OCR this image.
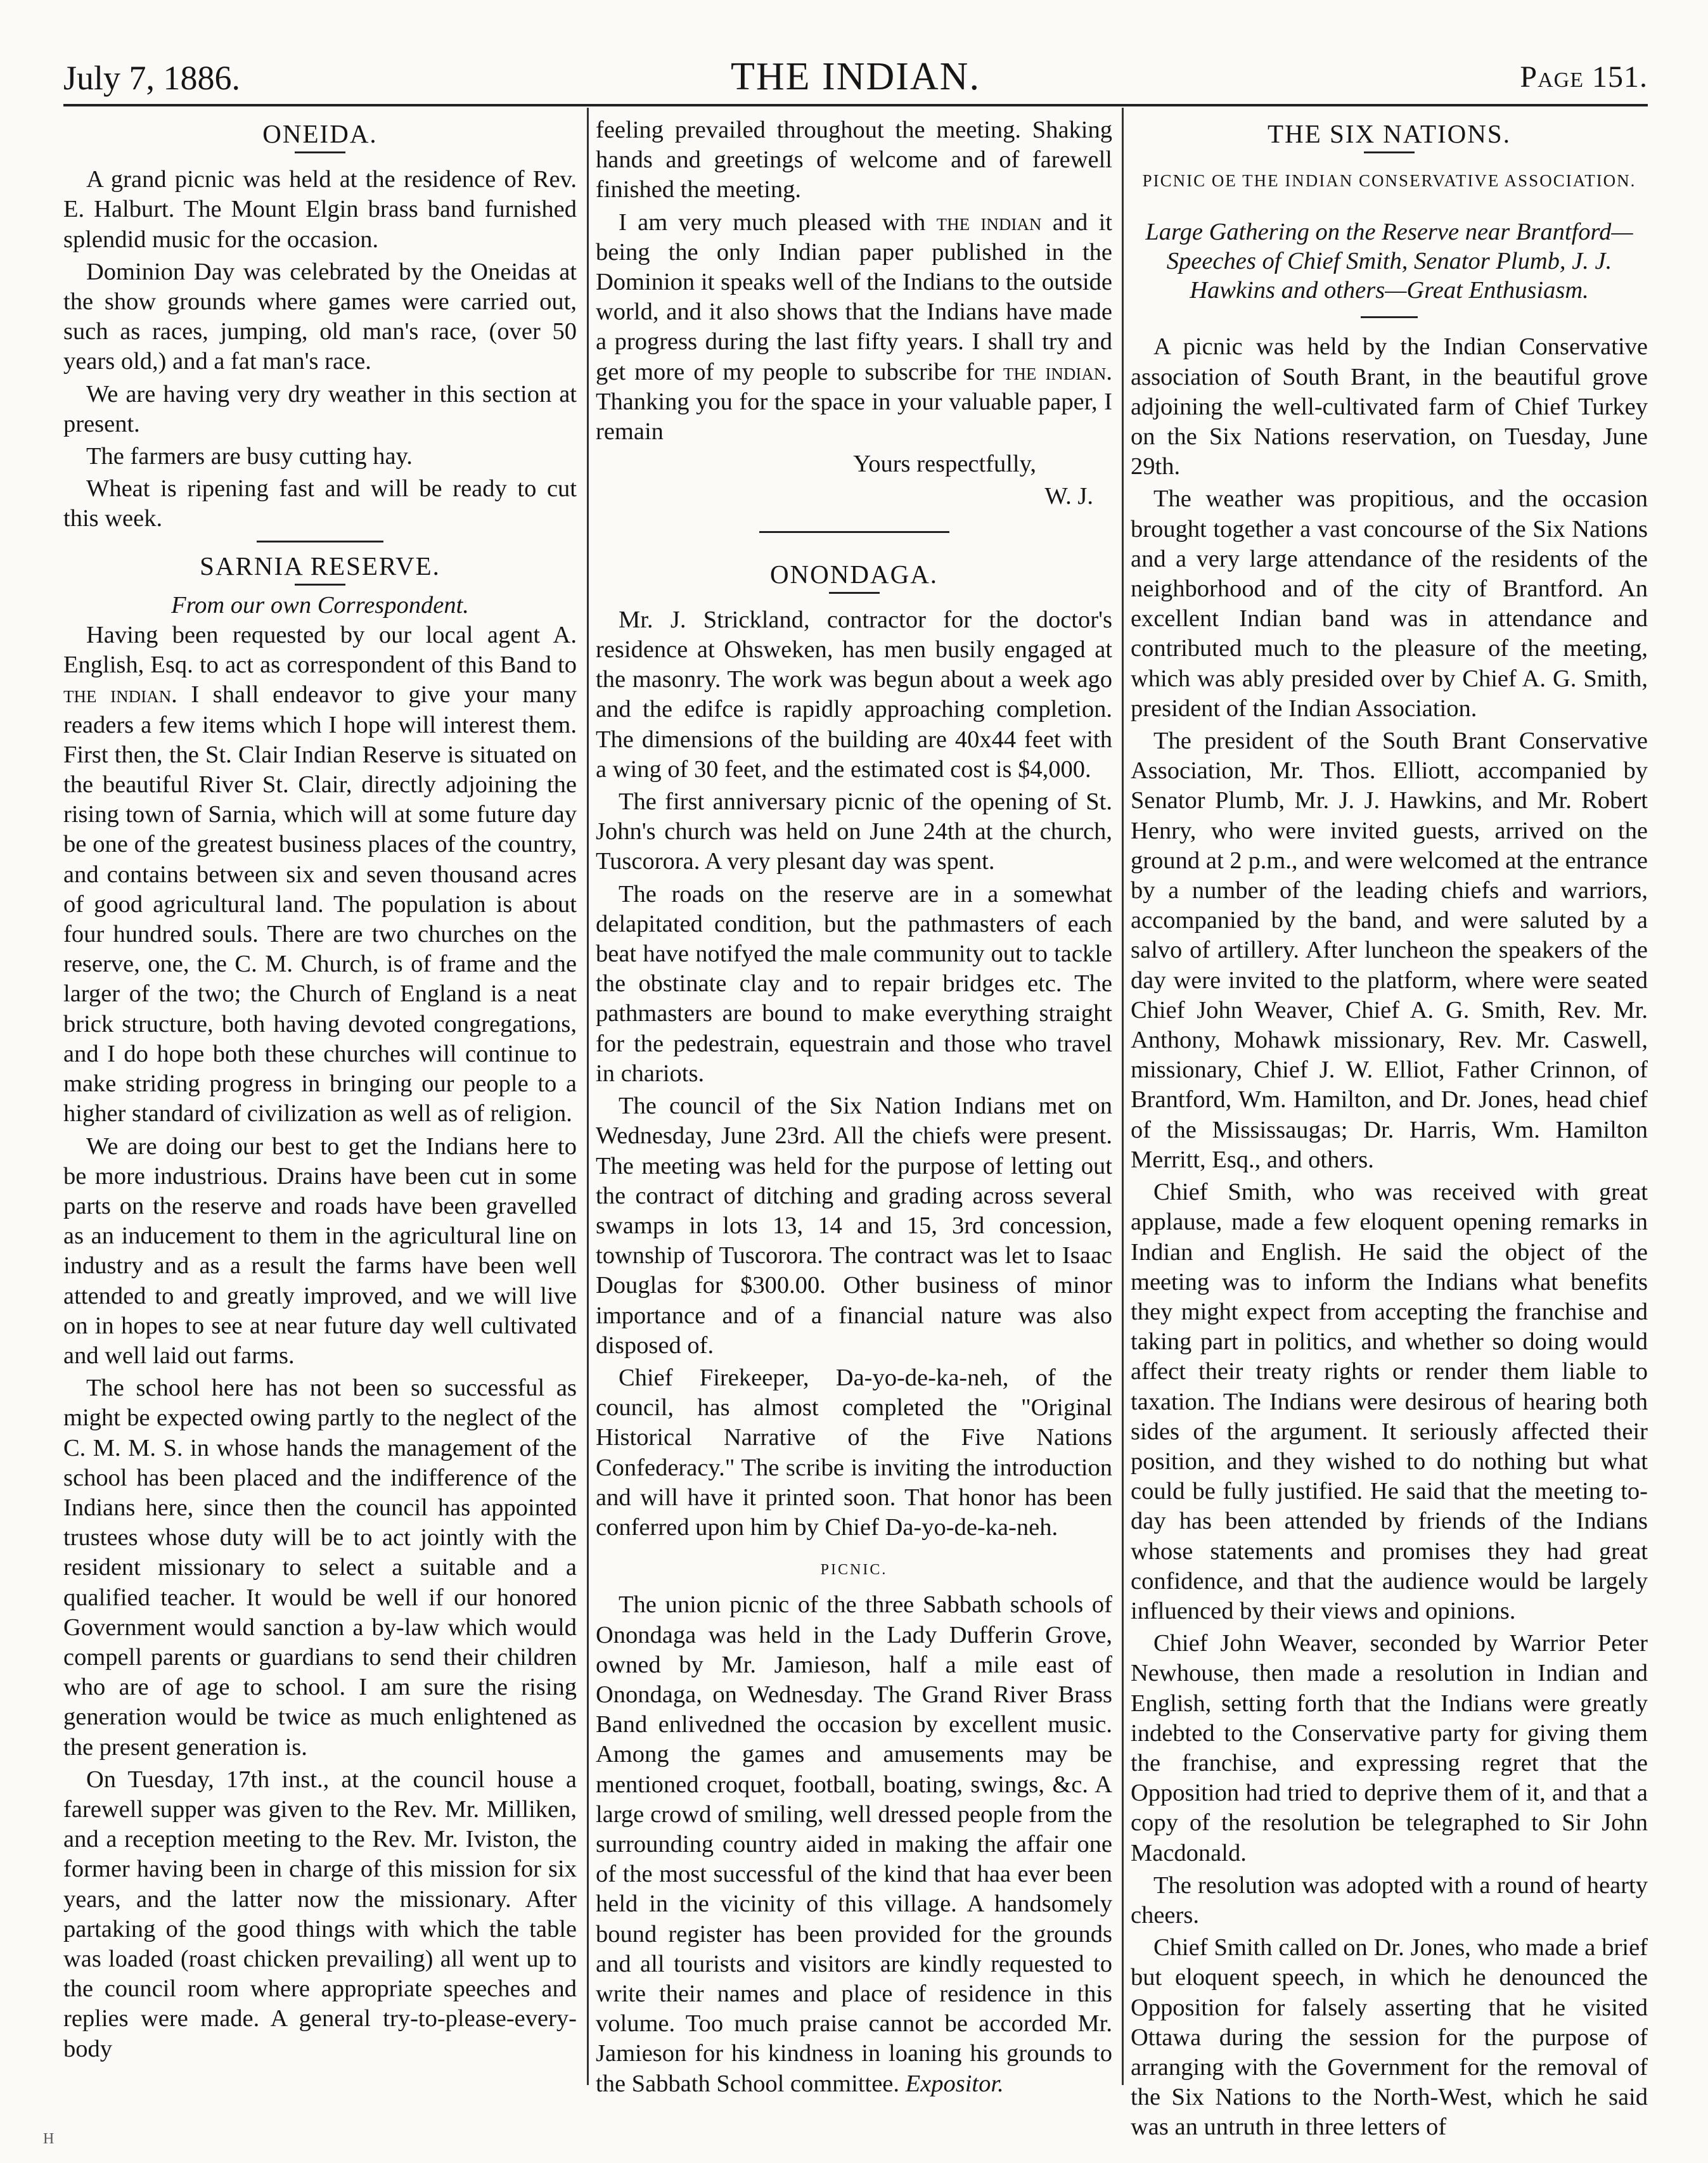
July 7, 1886.	THE INDIAN.	Page 151.
ONEIDA.

A grand picnic was held at the residence of Rev. E. Halburt. The Mount Elgin brass band furnished splendid music for the occasion.

Dominion Day was celebrated by the Oneidas at the show grounds where games were carried out, such as races, jumping, old man's race, (over 50 years old,) and a fat man's race.

We are having very dry weather in this section at present.

The farmers are busy cutting hay.

Wheat is ripening fast and will be ready to cut this week.

SARNIA RESERVE.
From our own Correspondent.

Having been requested by our local agent A. English, Esq. to act as correspondent of this Band to the indian. I shall endeavor to give your many readers a few items which I hope will interest them. First then, the St. Clair Indian Reserve is situated on the beautiful River St. Clair, directly adjoining the rising town of Sarnia, which will at some future day be one of the greatest business places of the country, and contains between six and seven thousand acres of good agricultural land. The population is about four hundred souls. There are two churches on the reserve, one, the C. M. Church, is of frame and the larger of the two; the Church of England is a neat brick structure, both having devoted congregations, and I do hope both these churches will continue to make striding progress in bringing our people to a higher standard of civilization as well as of religion.

We are doing our best to get the Indians here to be more industrious. Drains have been cut in some parts on the reserve and roads have been gravelled as an inducement to them in the agricultural line on industry and as a result the farms have been well attended to and greatly improved, and we will live on in hopes to see at near future day well cultivated and well laid out farms.

The school here has not been so successful as might be expected owing partly to the neglect of the C. M. M. S. in whose hands the management of the school has been placed and the indifference of the Indians here, since then the council has appointed trustees whose duty will be to act jointly with the resident missionary to select a suitable and a qualified teacher. It would be well if our honored Government would sanction a by-law which would compell parents or guardians to send their children who are of age to school. I am sure the rising generation would be twice as much enlightened as the present generation is.

On Tuesday, 17th inst., at the council house a farewell supper was given to the Rev. Mr. Milliken, and a reception meeting to the Rev. Mr. Iviston, the former having been in charge of this mission for six years, and the latter now the missionary. After partaking of the good things with which the table was loaded (roast chicken prevailing) all went up to the council room where appropriate speeches and replies were made. A general try-to-please-every-body

feeling prevailed throughout the meeting. Shaking hands and greetings of welcome and of farewell finished the meeting.

I am very much pleased with the indian and it being the only Indian paper published in the Dominion it speaks well of the Indians to the outside world, and it also shows that the Indians have made a progress during the last fifty years. I shall try and get more of my people to subscribe for the indian. Thanking you for the space in your valuable paper, I remain

Yours respectfully,

W. J.

ONONDAGA.

Mr. J. Strickland, contractor for the doctor's residence at Ohsweken, has men busily engaged at the masonry. The work was begun about a week ago and the edifce is rapidly approaching completion. The dimensions of the building are 40x44 feet with a wing of 30 feet, and the estimated cost is $4,000.

The first anniversary picnic of the opening of St. John's church was held on June 24th at the church, Tuscorora. A very plesant day was spent.

The roads on the reserve are in a somewhat delapitated condition, but the pathmasters of each beat have notifyed the male community out to tackle the obstinate clay and to repair bridges etc. The pathmasters are bound to make everything straight for the pedestrain, equestrain and those who travel in chariots.

The council of the Six Nation Indians met on Wednesday, June 23rd. All the chiefs were present. The meeting was held for the purpose of letting out the contract of ditching and grading across several swamps in lots 13, 14 and 15, 3rd concession, township of Tuscorora. The contract was let to Isaac Douglas for $300.00. Other business of minor importance and of a financial nature was also disposed of.

Chief Firekeeper, Da-yo-de-ka-neh, of the council, has almost completed the "Original Historical Narrative of the Five Nations Confederacy." The scribe is inviting the introduction and will have it printed soon. That honor has been conferred upon him by Chief Da-yo-de-ka-neh.

PICNIC.

The union picnic of the three Sabbath schools of Onondaga was held in the Lady Dufferin Grove, owned by Mr. Jamieson, half a mile east of Onondaga, on Wednesday. The Grand River Brass Band enlivedned the occasion by excellent music. Among the games and amusements may be mentioned croquet, football, boating, swings, &c. A large crowd of smiling, well dressed people from the surrounding country aided in making the affair one of the most successful of the kind that haa ever been held in the vicinity of this village. A handsomely bound register has been provided for the grounds and all tourists and visitors are kindly requested to write their names and place of residence in this volume. Too much praise cannot be accorded Mr. Jamieson for his kindness in loaning his grounds to the Sabbath School committee. Expositor.

THE SIX NATIONS.
PICNIC OE THE INDIAN CONSERVATIVE ASSOCIATION.
Large Gathering on the Reserve near Brantford—Speeches of Chief Smith, Senator Plumb, J. J. Hawkins and others—Great Enthusiasm.

A picnic was held by the Indian Conservative association of South Brant, in the beautiful grove adjoining the well-cultivated farm of Chief Turkey on the Six Nations reservation, on Tuesday, June 29th.

The weather was propitious, and the occasion brought together a vast concourse of the Six Nations and a very large attendance of the residents of the neighborhood and of the city of Brantford. An excellent Indian band was in attendance and contributed much to the pleasure of the meeting, which was ably presided over by Chief A. G. Smith, president of the Indian Association.

The president of the South Brant Conservative Association, Mr. Thos. Elliott, accompanied by Senator Plumb, Mr. J. J. Hawkins, and Mr. Robert Henry, who were invited guests, arrived on the ground at 2 p.m., and were welcomed at the entrance by a number of the leading chiefs and warriors, accompanied by the band, and were saluted by a salvo of artillery. After luncheon the speakers of the day were invited to the platform, where were seated Chief John Weaver, Chief A. G. Smith, Rev. Mr. Anthony, Mohawk missionary, Rev. Mr. Caswell, missionary, Chief J. W. Elliot, Father Crinnon, of Brantford, Wm. Hamilton, and Dr. Jones, head chief of the Mississaugas; Dr. Harris, Wm. Hamilton Merritt, Esq., and others.

Chief Smith, who was received with great applause, made a few eloquent opening remarks in Indian and English. He said the object of the meeting was to inform the Indians what benefits they might expect from accepting the franchise and taking part in politics, and whether so doing would affect their treaty rights or render them liable to taxation. The Indians were desirous of hearing both sides of the argument. It seriously affected their position, and they wished to do nothing but what could be fully justified. He said that the meeting to-day has been attended by friends of the Indians whose statements and promises they had great confidence, and that the audience would be largely influenced by their views and opinions.

Chief John Weaver, seconded by Warrior Peter Newhouse, then made a resolution in Indian and English, setting forth that the Indians were greatly indebted to the Conservative party for giving them the franchise, and expressing regret that the Opposition had tried to deprive them of it, and that a copy of the resolution be telegraphed to Sir John Macdonald.

The resolution was adopted with a round of hearty cheers.

Chief Smith called on Dr. Jones, who made a brief but eloquent speech, in which he denounced the Opposition for falsely asserting that he visited Ottawa during the session for the purpose of arranging with the Government for the removal of the Six Nations to the North-West, which he said was an untruth in three letters of

H
